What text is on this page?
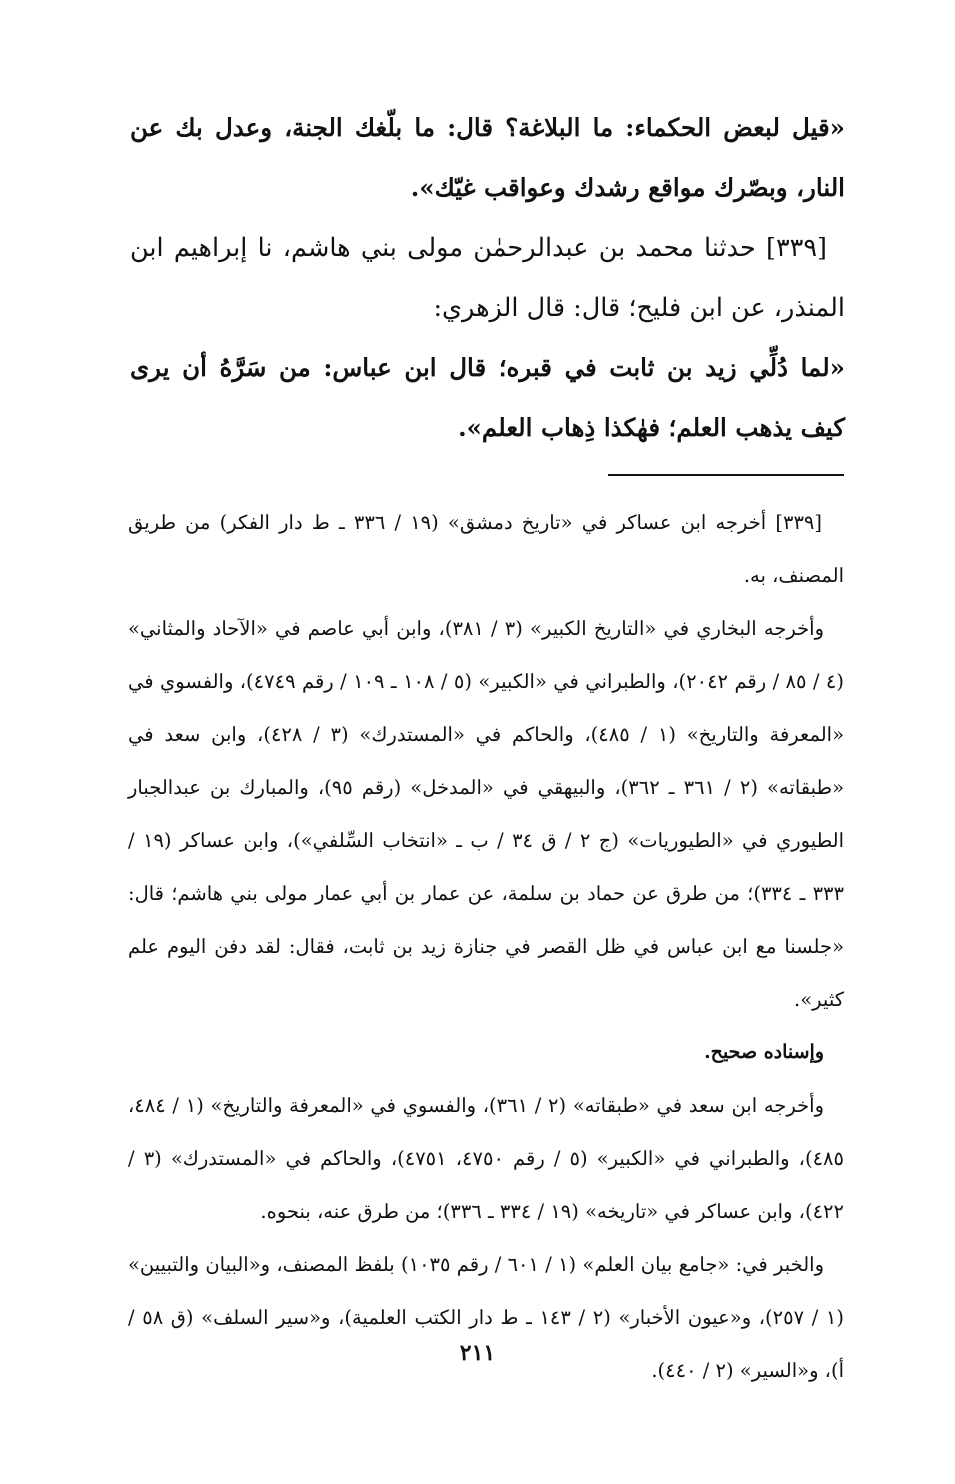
«قيل لبعض الحكماء: ما البلاغة؟ قال: ما بلّغك الجنة، وعدل بك عن النار، وبصّرك مواقع رشدك وعواقب غيّك».

[٣٣٩] حدثنا محمد بن عبدالرحمٰن مولى بني هاشم، نا إبراهيم ابن المنذر، عن ابن فليح؛ قال: قال الزهري:

«لما دُلِّي زيد بن ثابت في قبره؛ قال ابن عباس: من سَرَّهُ أن يرى كيف يذهب العلم؛ فهٰكذا ذِهاب العلم».

[٣٣٩] أخرجه ابن عساكر في «تاريخ دمشق» (١٩ / ٣٣٦ ـ ط دار الفكر) من طريق المصنف، به.

وأخرجه البخاري في «التاريخ الكبير» (٣ / ٣٨١)، وابن أبي عاصم في «الآحاد والمثاني» (٤ / ٨٥ / رقم ٢٠٤٢)، والطبراني في «الكبير» (٥ / ١٠٨ ـ ١٠٩ / رقم ٤٧٤٩)، والفسوي في «المعرفة والتاريخ» (١ / ٤٨٥)، والحاكم في «المستدرك» (٣ / ٤٢٨)، وابن سعد في «طبقاته» (٢ / ٣٦١ ـ ٣٦٢)، والبيهقي في «المدخل» (رقم ٩٥)، والمبارك بن عبدالجبار الطيوري في «الطيوريات» (ج ٢ / ق ٣٤ / ب ـ «انتخاب السِّلفي»)، وابن عساكر (١٩ / ٣٣٣ ـ ٣٣٤)؛ من طرق عن حماد بن سلمة، عن عمار بن أبي عمار مولى بني هاشم؛ قال: «جلسنا مع ابن عباس في ظل القصر في جنازة زيد بن ثابت، فقال: لقد دفن اليوم علم كثير».

وإسناده صحيح.

وأخرجه ابن سعد في «طبقاته» (٢ / ٣٦١)، والفسوي في «المعرفة والتاريخ» (١ / ٤٨٤، ٤٨٥)، والطبراني في «الكبير» (٥ / رقم ٤٧٥٠، ٤٧٥١)، والحاكم في «المستدرك» (٣ / ٤٢٢)، وابن عساكر في «تاريخه» (١٩ / ٣٣٤ ـ ٣٣٦)؛ من طرق عنه، بنحوه.

والخبر في: «جامع بيان العلم» (١ / ٦٠١ / رقم ١٠٣٥) بلفظ المصنف، و«البيان والتبيين» (١ / ٢٥٧)، و«عيون الأخبار» (٢ / ١٤٣ ـ ط دار الكتب العلمية)، و«سير السلف» (ق ٥٨ / أ)، و«السير» (٢ / ٤٤٠).

٢١١
